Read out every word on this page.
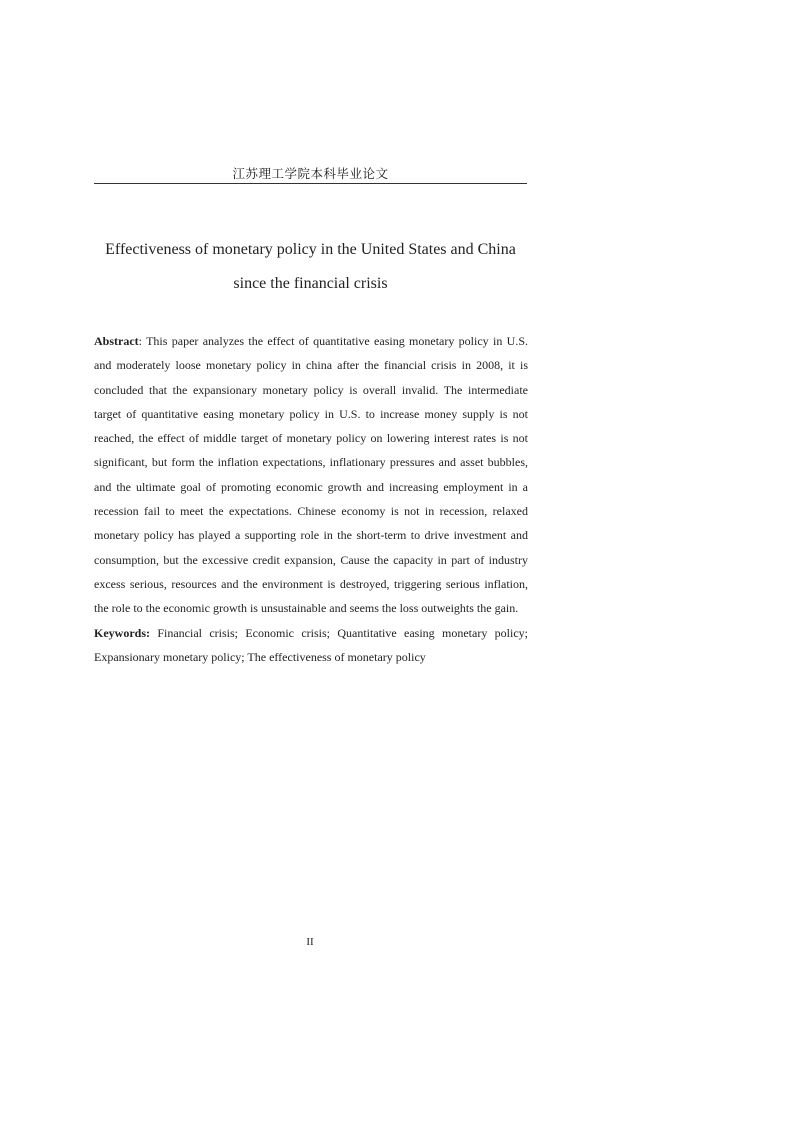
江苏理工学院本科毕业论文
Effectiveness of monetary policy in the United States and China
since the financial crisis

Abstract: This paper analyzes the effect of quantitative easing monetary policy in U.S. and moderately loose monetary policy in china after the financial crisis in 2008, it is concluded that the expansionary monetary policy is overall invalid. The intermediate target of quantitative easing monetary policy in U.S. to increase money supply is not reached, the effect of middle target of monetary policy on lowering interest rates is not significant, but form the inflation expectations, inflationary pressures and asset bubbles, and the ultimate goal of promoting economic growth and increasing employment in a recession fail to meet the expectations. Chinese economy is not in recession, relaxed monetary policy has played a supporting role in the short-term to drive investment and consumption, but the excessive credit expansion, Cause the capacity in part of industry excess serious, resources and the environment is destroyed, triggering serious inflation, the role to the economic growth is unsustainable and seems the loss outweights the gain.

Keywords: Financial crisis; Economic crisis; Quantitative easing monetary policy; Expansionary monetary policy; The effectiveness of monetary policy

II
